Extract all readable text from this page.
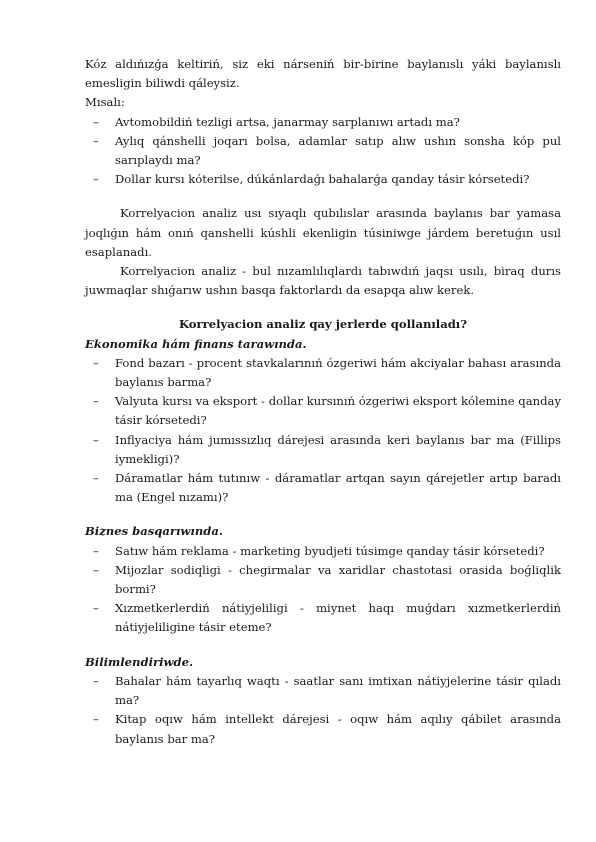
Kóz aldıńızǵa keltiriń, siz eki nárseniń bir-birine baylanıslı yáki baylanıslı emesligin biliwdi qáleysiz.

Mısalı:

– Avtomobildiń tezligi artsa, janarmay sarplanıwı artadı ma?
– Aylıq qánshelli joqarı bolsa, adamlar satıp alıw ushın sonsha kóp pul sarıplaydı ma?
– Dollar kursı kóterilse, dúkánlardaǵı bahalarǵa qanday tásir kórsetedi?

Korrelyacion analiz usı sıyaqlı qubılıslar arasında baylanıs bar yamasa joqlıǵın hám onıń qanshelli kúshli ekenligin túsiniwge járdem beretuǵın usıl esaplanadı.

Korrelyacion analiz - bul nızamlılıqlardı tabıwdıń jaqsı usılı, biraq durıs juwmaqlar shıǵarıw ushın basqa faktorlardı da esapqa alıw kerek.

Korrelyacion analiz qay jerlerde qollanıladı?

Ekonomika hám finans tarawında.

– Fond bazarı - procent stavkalarınıń ózgeriwi hám akciyalar bahası arasında baylanıs barma?
– Valyuta kursı va eksport - dollar kursınıń ózgeriwi eksport kólemine qanday tásir kórsetedi?
– Inflyaciya hám jumıssızlıq dárejesi arasında keri baylanıs bar ma (Fillips iymekligi)?
– Dáramatlar hám tutınıw - dáramatlar artqan sayın qárejetler artıp baradı ma (Engel nızamı)?

Biznes basqarıwında.

– Satıw hám reklama - marketing byudjeti túsimge qanday tásir kórsetedi?
– Mijozlar sodiqligi - chegirmalar va xaridlar chastotasi orasida boǵliqlik bormi?
– Xızmetkerlerdiń nátiyjeliligi - miynet haqı muǵdarı xızmetkerlerdiń nátiyjeliligine tásir eteme?

Bilimlendiriwde.

– Bahalar hám tayarlıq waqtı - saatlar sanı imtixan nátiyjelerine tásir qıladı ma?
– Kitap oqıw hám intellekt dárejesi - oqıw hám aqılıy qábilet arasında baylanıs bar ma?
